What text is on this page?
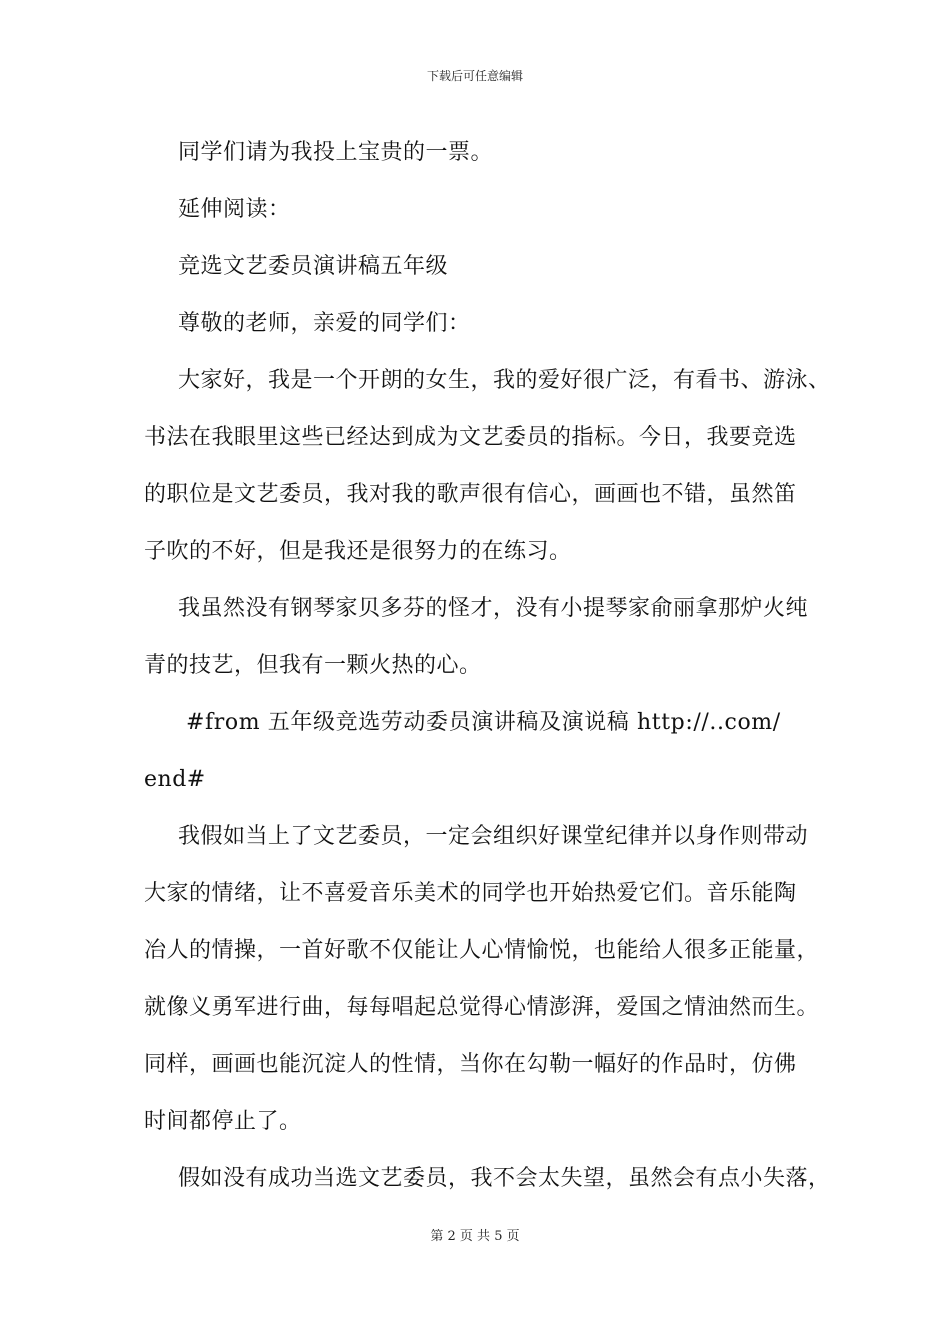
下载后可任意编辑
同学们请为我投上宝贵的一票。
延伸阅读：
竞选文艺委员演讲稿五年级
尊敬的老师，亲爱的同学们：
大家好，我是一个开朗的女生，我的爱好很广泛，有看书、游泳、
书法在我眼里这些已经达到成为文艺委员的指标。今日，我要竞选
的职位是文艺委员，我对我的歌声很有信心，画画也不错，虽然笛
子吹的不好，但是我还是很努力的在练习。
我虽然没有钢琴家贝多芬的怪才，没有小提琴家俞丽拿那炉火纯
青的技艺，但我有一颗火热的心。
#from 五年级竞选劳动委员演讲稿及演说稿 http://..com/
end#
我假如当上了文艺委员，一定会组织好课堂纪律并以身作则带动
大家的情绪，让不喜爱音乐美术的同学也开始热爱它们。音乐能陶
冶人的情操，一首好歌不仅能让人心情愉悦，也能给人很多正能量，
就像义勇军进行曲，每每唱起总觉得心情澎湃，爱国之情油然而生。
同样，画画也能沉淀人的性情，当你在勾勒一幅好的作品时，仿佛
时间都停止了。
假如没有成功当选文艺委员，我不会太失望，虽然会有点小失落，
第 2 页 共 5 页
